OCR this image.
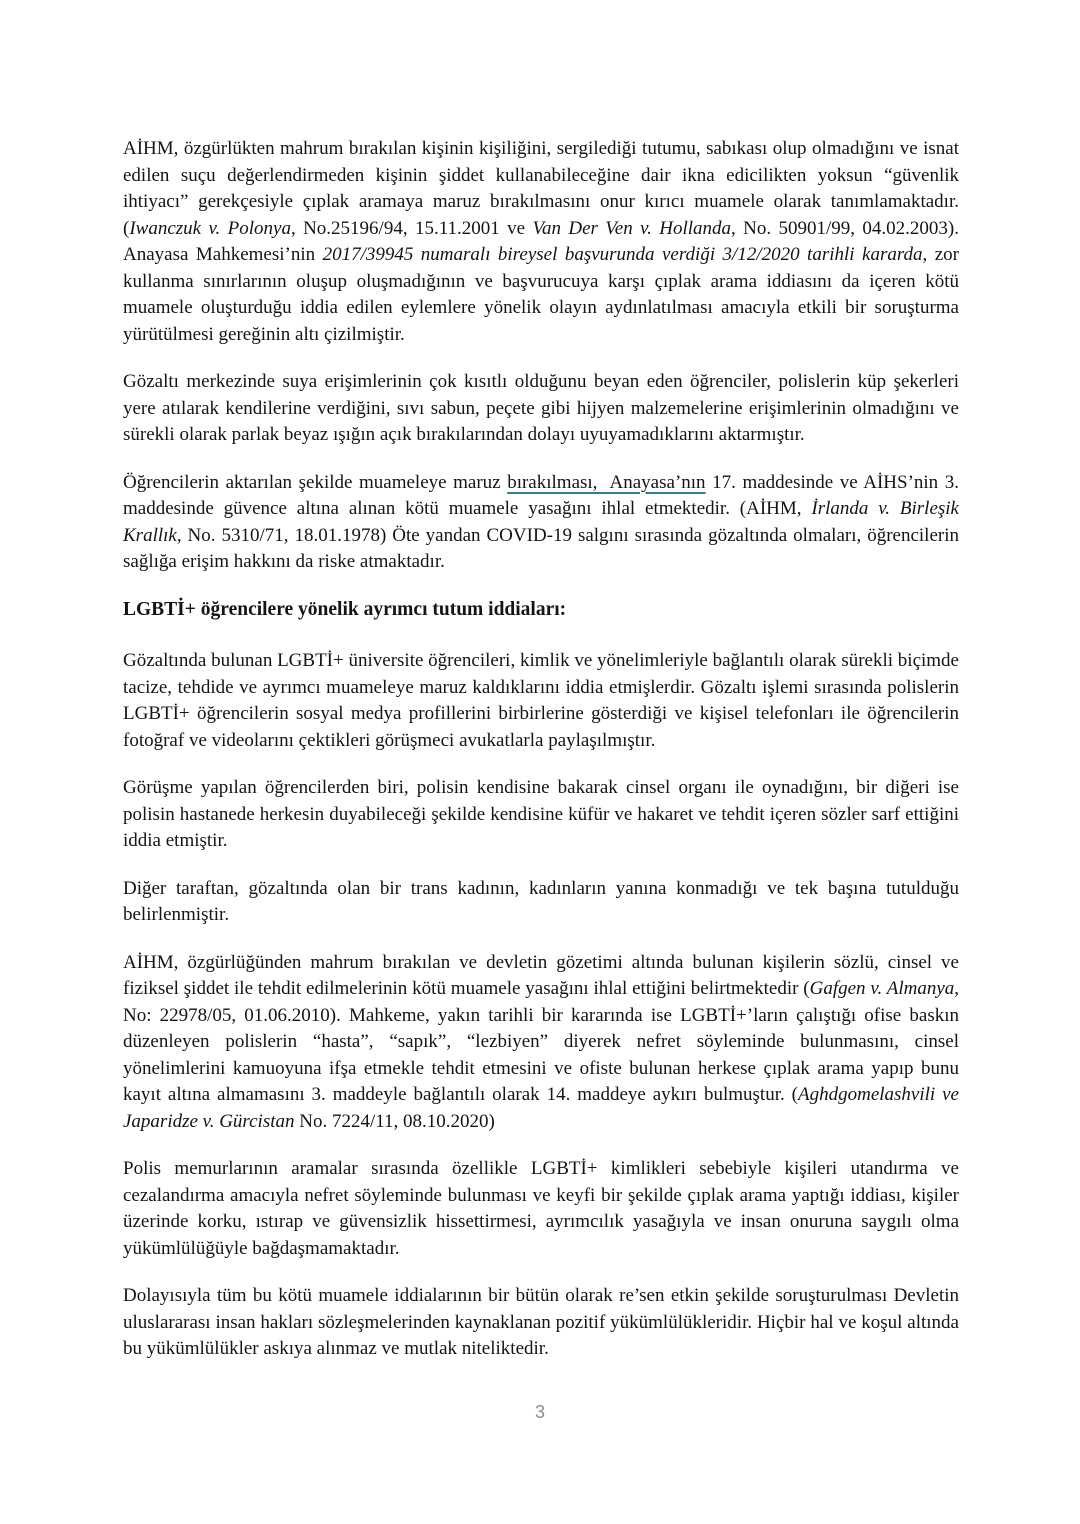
AİHM, özgürlükten mahrum bırakılan kişinin kişiliğini, sergilediği tutumu, sabıkası olup olmadığını ve isnat edilen suçu değerlendirmeden kişinin şiddet kullanabileceğine dair ikna edicilikten yoksun “güvenlik ihtiyacı” gerekçesiyle çıplak aramaya maruz bırakılmasını onur kırıcı muamele olarak tanımlamaktadır. (Iwanczuk v. Polonya, No.25196/94, 15.11.2001 ve Van Der Ven v. Hollanda, No. 50901/99, 04.02.2003). Anayasa Mahkemesi’nin 2017/39945 numaralı bireysel başvurunda verdiği 3/12/2020 tarihli kararda, zor kullanma sınırlarının oluşup oluşmadığının ve başvurucuya karşı çıplak arama iddiasını da içeren kötü muamele oluşturduğu iddia edilen eylemlere yönelik olayın aydınlatılması amacıyla etkili bir soruşturma yürütülmesi gereğinin altı çizilmiştir.

Gözaltı merkezinde suya erişimlerinin çok kısıtlı olduğunu beyan eden öğrenciler, polislerin küp şekerleri yere atılarak kendilerine verdiğini, sıvı sabun, peçete gibi hijyen malzemelerine erişimlerinin olmadığını ve sürekli olarak parlak beyaz ışığın açık bırakılarından dolayı uyuyamadıklarını aktarmıştır.

Öğrencilerin aktarılan şekilde muameleye maruz bırakılması,  Anayasa’nın 17. maddesinde ve AİHS’nin 3. maddesinde güvence altına alınan kötü muamele yasağını ihlal etmektedir. (AİHM, İrlanda v. Birleşik Krallık, No. 5310/71, 18.01.1978) Öte yandan COVID-19 salgını sırasında gözaltında olmaları, öğrencilerin sağlığa erişim hakkını da riske atmaktadır.

LGBTİ+ öğrencilere yönelik ayrımcı tutum iddiaları:

Gözaltında bulunan LGBTİ+ üniversite öğrencileri, kimlik ve yönelimleriyle bağlantılı olarak sürekli biçimde tacize, tehdide ve ayrımcı muameleye maruz kaldıklarını iddia etmişlerdir. Gözaltı işlemi sırasında polislerin LGBTİ+ öğrencilerin sosyal medya profillerini birbirlerine gösterdiği ve kişisel telefonları ile öğrencilerin fotoğraf ve videolarını çektikleri görüşmeci avukatlarla paylaşılmıştır.

Görüşme yapılan öğrencilerden biri, polisin kendisine bakarak cinsel organı ile oynadığını, bir diğeri ise polisin hastanede herkesin duyabileceği şekilde kendisine küfür ve hakaret ve tehdit içeren sözler sarf ettiğini iddia etmiştir.

Diğer taraftan, gözaltında olan bir trans kadının, kadınların yanına konmadığı ve tek başına tutulduğu belirlenmiştir.

AİHM, özgürlüğünden mahrum bırakılan ve devletin gözetimi altında bulunan kişilerin sözlü, cinsel ve fiziksel şiddet ile tehdit edilmelerinin kötü muamele yasağını ihlal ettiğini belirtmektedir (Gafgen v. Almanya, No: 22978/05, 01.06.2010). Mahkeme, yakın tarihli bir kararında ise LGBTİ+’ların çalıştığı ofise baskın düzenleyen polislerin “hasta”, “sapık”, “lezbiyen” diyerek nefret söyleminde bulunmasını, cinsel yönelimlerini kamuoyuna ifşa etmekle tehdit etmesini ve ofiste bulunan herkese çıplak arama yapıp bunu kayıt altına almamasını 3. maddeyle bağlantılı olarak 14. maddeye aykırı bulmuştur. (Aghdgomelashvili ve Japaridze v. Gürcistan No. 7224/11, 08.10.2020)

Polis memurlarının aramalar sırasında özellikle LGBTİ+ kimlikleri sebebiyle kişileri utandırma ve cezalandırma amacıyla nefret söyleminde bulunması ve keyfi bir şekilde çıplak arama yaptığı iddiası, kişiler üzerinde korku, ıstırap ve güvensizlik hissettirmesi, ayrımcılık yasağıyla ve insan onuruna saygılı olma yükümlülüğüyle bağdaşmamaktadır.

Dolayısıyla tüm bu kötü muamele iddialarının bir bütün olarak re’sen etkin şekilde soruşturulması Devletin uluslararası insan hakları sözleşmelerinden kaynaklanan pozitif yükümlülükleridir. Hiçbir hal ve koşul altında bu yükümlülükler askıya alınmaz ve mutlak niteliktedir.

3
